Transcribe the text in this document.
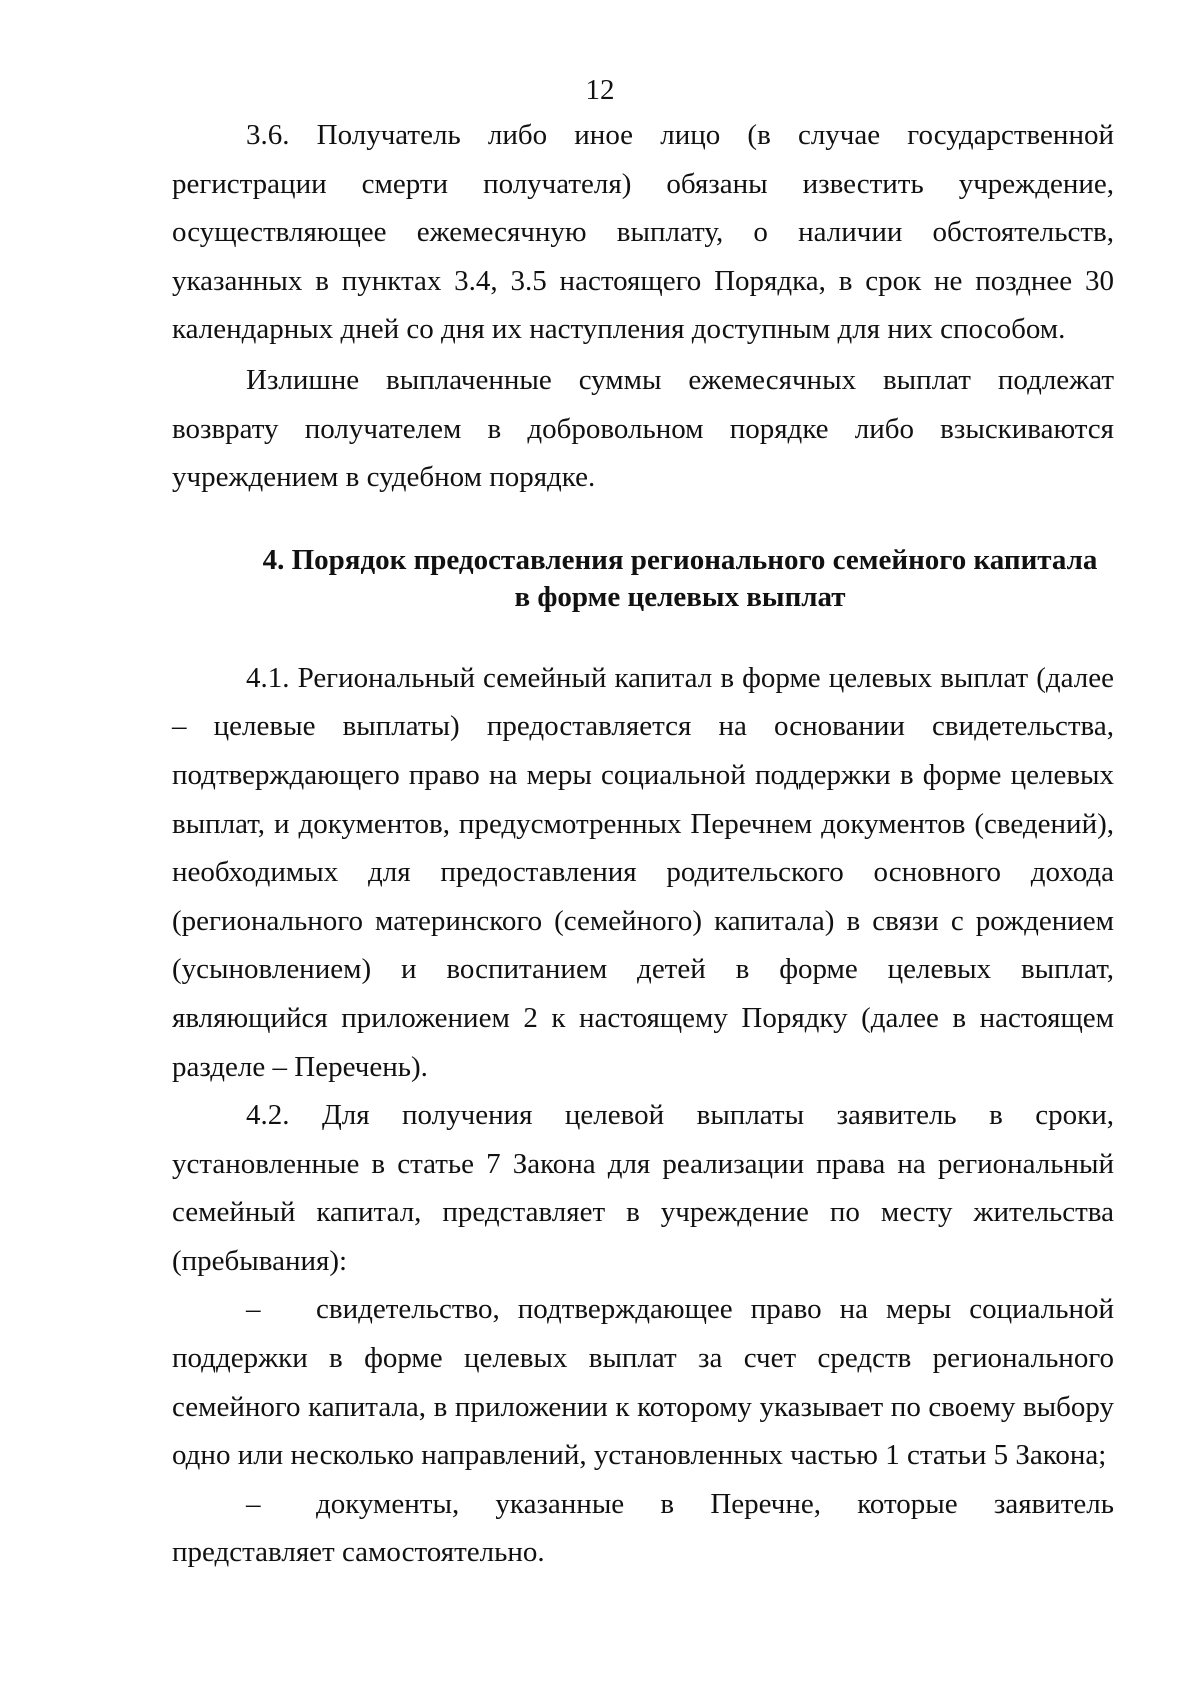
12

3.6. Получатель либо иное лицо (в случае государственной регистрации смерти получателя) обязаны известить учреждение, осуществляющее ежемесячную выплату, о наличии обстоятельств, указанных в пунктах 3.4, 3.5 настоящего Порядка, в срок не позднее 30 календарных дней со дня их наступления доступным для них способом.

Излишне выплаченные суммы ежемесячных выплат подлежат возврату получателем в добровольном порядке либо взыскиваются учреждением в судебном порядке.

4. Порядок предоставления регионального семейного капитала
в форме целевых выплат

4.1. Региональный семейный капитал в форме целевых выплат (далее – целевые выплаты) предоставляется на основании свидетельства, подтверждающего право на меры социальной поддержки в форме целевых выплат, и документов, предусмотренных Перечнем документов (сведений), необходимых для предоставления родительского основного дохода (регионального материнского (семейного) капитала) в связи с рождением (усыновлением) и воспитанием детей в форме целевых выплат, являющийся приложением 2 к настоящему Порядку (далее в настоящем разделе – Перечень).

4.2. Для получения целевой выплаты заявитель в сроки, установленные в статье 7 Закона для реализации права на региональный семейный капитал, представляет в учреждение по месту жительства (пребывания):

– свидетельство, подтверждающее право на меры социальной поддержки в форме целевых выплат за счет средств регионального семейного капитала, в приложении к которому указывает по своему выбору одно или несколько направлений, установленных частью 1 статьи 5 Закона;

– документы, указанные в Перечне, которые заявитель представляет самостоятельно.
